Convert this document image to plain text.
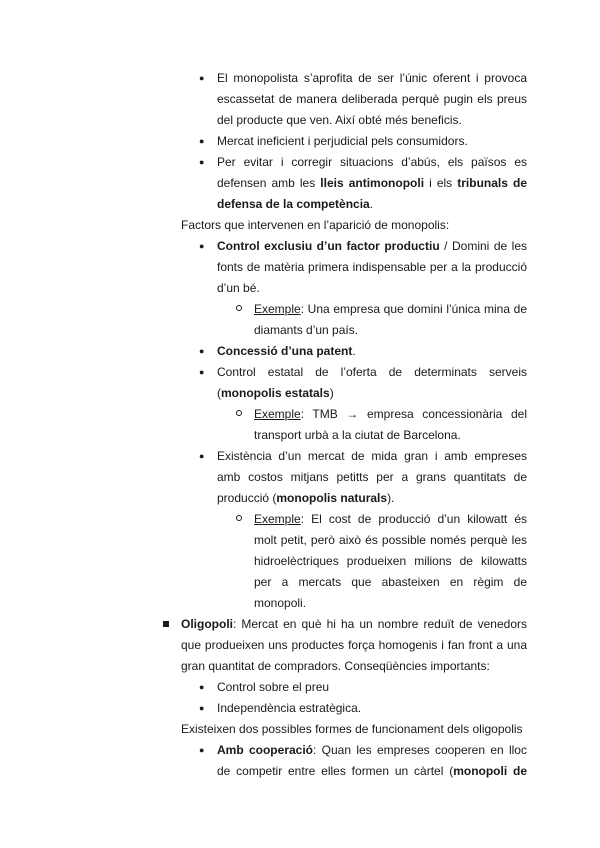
● El monopolista s’aprofita de ser l’únic oferent i provoca
escassetat de manera deliberada perquè pugin els preus
del producte que ven. Així obté més beneficis.
● Mercat ineficient i perjudicial pels consumidors.
● Per evitar i corregir situacions d’abús, els països es
defensen amb les lleis antimonopoli i els tribunals de
defensa de la competència.
Factors que intervenen en l’aparició de monopolis:
● Control exclusiu d’un factor productiu / Domini de les
fonts de matèria primera indispensable per a la producció
d’un bé.
Exemple: Una empresa que domini l’única mina de
diamants d’un país.
● Concessió d’una patent.
● Control estatal de l’oferta de determinats serveis
(monopolis estatals)
Exemple: TMB → empresa concessionària del
transport urbà a la ciutat de Barcelona.
● Existència d’un mercat de mida gran i amb empreses
amb costos mitjans petitts per a grans quantitats de
producció (monopolis naturals).
Exemple: El cost de producció d’un kilowatt és
molt petit, però això és possible només perquè les
hidroelèctriques produeixen milions de kilowatts
per a mercats que abasteixen en règim de
monopoli.
Oligopoli: Mercat en què hi ha un nombre reduït de venedors
que produeixen uns productes força homogenis i fan front a una
gran quantitat de compradors. Conseqüències importants:
● Control sobre el preu
● Independència estratègica.
Existeixen dos possibles formes de funcionament dels oligopolis
● Amb cooperació: Quan les empreses cooperen en lloc
de competir entre elles formen un càrtel (monopoli de
